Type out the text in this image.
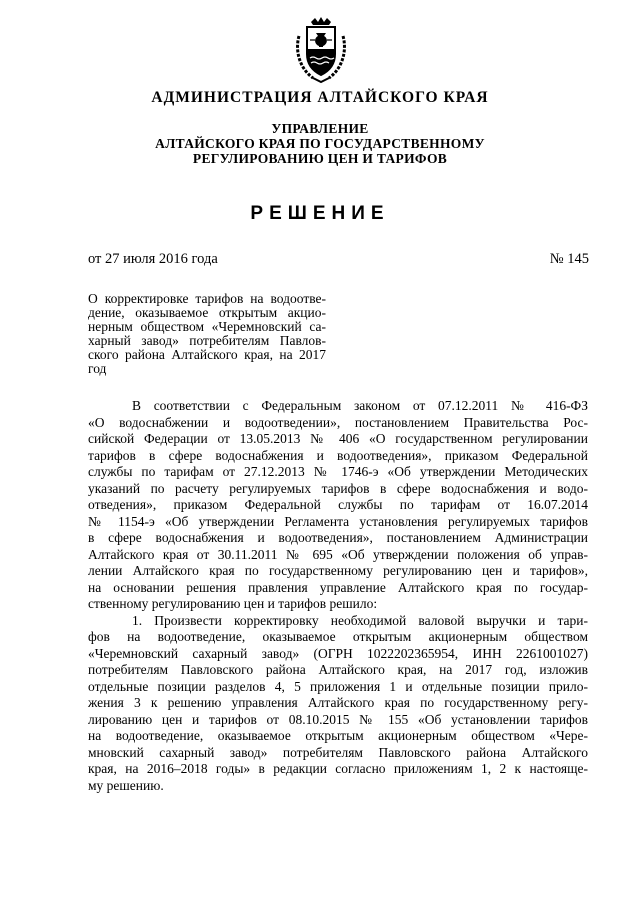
АДМИНИСТРАЦИЯ АЛТАЙСКОГО КРАЯ
УПРАВЛЕНИЕ
АЛТАЙСКОГО КРАЯ ПО ГОСУДАРСТВЕННОМУ
РЕГУЛИРОВАНИЮ ЦЕН И ТАРИФОВ
РЕШЕНИЕ
от 27 июля 2016 года	№ 145
О корректировке тарифов на водоотве-
дение, оказываемое открытым акцио-
нерным обществом «Черемновский са-
харный завод» потребителям Павлов-
ского района Алтайского края, на 2017
год
В соответствии с Федеральным законом от 07.12.2011 № 416-ФЗ
«О водоснабжении и водоотведении», постановлением Правительства Рос-
сийской Федерации от 13.05.2013 № 406 «О государственном регулировании
тарифов в сфере водоснабжения и водоотведения», приказом Федеральной
службы по тарифам от 27.12.2013 № 1746-э «Об утверждении Методических
указаний по расчету регулируемых тарифов в сфере водоснабжения и водо-
отведения», приказом Федеральной службы по тарифам от 16.07.2014
№ 1154-э «Об утверждении Регламента установления регулируемых тарифов
в сфере водоснабжения и водоотведения», постановлением Администрации
Алтайского края от 30.11.2011 № 695 «Об утверждении положения об управ-
лении Алтайского края по государственному регулированию цен и тарифов»,
на основании решения правления управление Алтайского края по государ-
ственному регулированию цен и тарифов решило:
1. Произвести корректировку необходимой валовой выручки и тари-
фов на водоотведение, оказываемое открытым акционерным обществом
«Черемновский сахарный завод» (ОГРН 1022202365954, ИНН 2261001027)
потребителям Павловского района Алтайского края, на 2017 год, изложив
отдельные позиции разделов 4, 5 приложения 1 и отдельные позиции прило-
жения 3 к решению управления Алтайского края по государственному регу-
лированию цен и тарифов от 08.10.2015 № 155 «Об установлении тарифов
на водоотведение, оказываемое открытым акционерным обществом «Чере-
мновский сахарный завод» потребителям Павловского района Алтайского
края, на 2016–2018 годы» в редакции согласно приложениям 1, 2 к настояще-
му решению.
